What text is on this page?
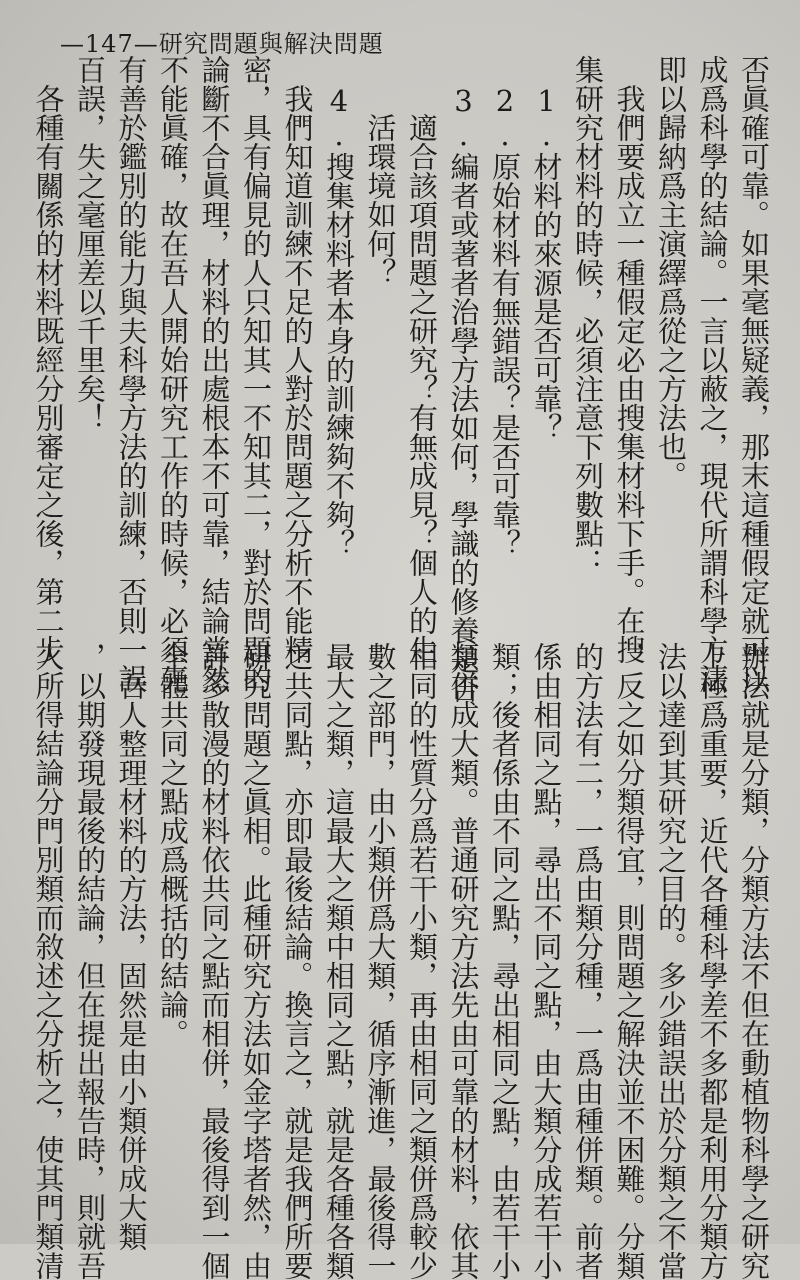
—147—研究問題與解決問題
否眞確可靠。如果毫無疑義，那末這種假定就可以
成爲科學的結論。一言以蔽之，現代所謂科學方法
即以歸納爲主演繹爲從之方法也。
我們要成立一種假定必由搜集材料下手。在搜
集研究材料的時候，必須注意下列數點：
1.材料的來源是否可靠？
2.原始材料有無錯誤？是否可靠？
3.編者或著者治學方法如何，學識的修養是否
適合該項問題之研究？有無成見？個人的生
活環境如何？
4.搜集材料者本身的訓練夠不夠？
我們知道訓練不足的人對於問題之分析不能精
密，具有偏見的人只知其一不知其二，對於問題的
論斷不合眞理，材料的出處根本不可靠，結論當然
不能眞確，故在吾人開始研究工作的時候，必須先
有善於鑑別的能力與夫科學方法的訓練，否則一誤
百誤，失之毫厘差以千里矣！
各種有關係的材料既經分別審定之後，第二步
辦法就是分類，分類方法不但在動植物科學之研究
上極爲重要，近代各種科學差不多都是利用分類方
法以達到其研究之目的。多少錯誤出於分類之不當
，反之如分類得宜，則問題之解決並不困難。分類
的方法有二，一爲由類分種，一爲由種併類。前者
係由相同之點，尋出不同之點，由大類分成若干小
類；後者係由不同之點，尋出相同之點，由若干小
類併成大類。普通研究方法先由可靠的材料，依其
相同的性質分爲若干小類，再由相同之類併爲較少
數之部門，由小類併爲大類，循序漸進，最後得一
最大之類，這最大之類中相同之點，就是各種各類
之共同點，亦即最後結論。換言之，就是我們所要
研究問題之眞相。此種研究方法如金字塔者然，由
許多散漫的材料依共同之點而相併，最後得到一個
全體共同之點成爲概括的結論。
吾人整理材料的方法，固然是由小類併成大類
，以期發現最後的結論，但在提出報告時，則就吾
人所得結論分門別類而敘述之分析之，使其門類清
